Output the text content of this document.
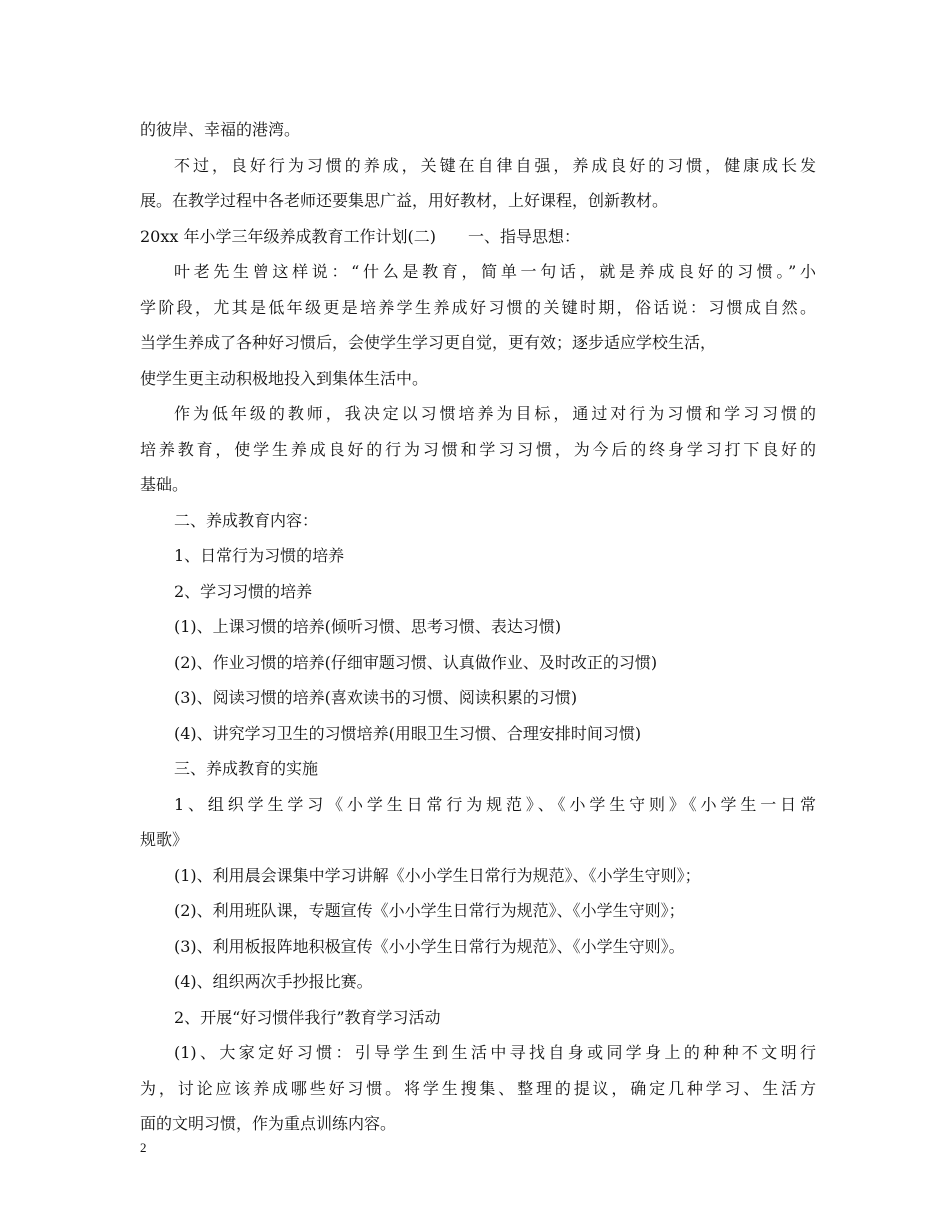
的彼岸、幸福的港湾。
不过，良好行为习惯的养成，关键在自律自强，养成良好的习惯，健康成长发
展。在教学过程中各老师还要集思广益，用好教材，上好课程，创新教材。
20xx 年小学三年级养成教育工作计划(二)　　一、指导思想：
叶老先生曾这样说：“什么是教育，简单一句话，就是养成良好的习惯。”小
学阶段，尤其是低年级更是培养学生养成好习惯的关键时期，俗话说：习惯成自然。
当学生养成了各种好习惯后，会使学生学习更自觉，更有效；逐步适应学校生活，
使学生更主动积极地投入到集体生活中。
作为低年级的教师，我决定以习惯培养为目标，通过对行为习惯和学习习惯的
培养教育，使学生养成良好的行为习惯和学习习惯，为今后的终身学习打下良好的
基础。
二、养成教育内容：
1、日常行为习惯的培养
2、学习习惯的培养
(1)、上课习惯的培养(倾听习惯、思考习惯、表达习惯)
(2)、作业习惯的培养(仔细审题习惯、认真做作业、及时改正的习惯)
(3)、阅读习惯的培养(喜欢读书的习惯、阅读积累的习惯)
(4)、讲究学习卫生的习惯培养(用眼卫生习惯、合理安排时间习惯)
三、养成教育的实施
1、组织学生学习《小学生日常行为规范》、《小学生守则》《小学生一日常
规歌》
(1)、利用晨会课集中学习讲解《小小学生日常行为规范》、《小学生守则》；
(2)、利用班队课，专题宣传《小小学生日常行为规范》、《小学生守则》；
(3)、利用板报阵地积极宣传《小小学生日常行为规范》、《小学生守则》。
(4)、组织两次手抄报比赛。
2、开展“好习惯伴我行”教育学习活动
(1)、大家定好习惯：引导学生到生活中寻找自身或同学身上的种种不文明行
为，讨论应该养成哪些好习惯。将学生搜集、整理的提议，确定几种学习、生活方
面的文明习惯，作为重点训练内容。
2
